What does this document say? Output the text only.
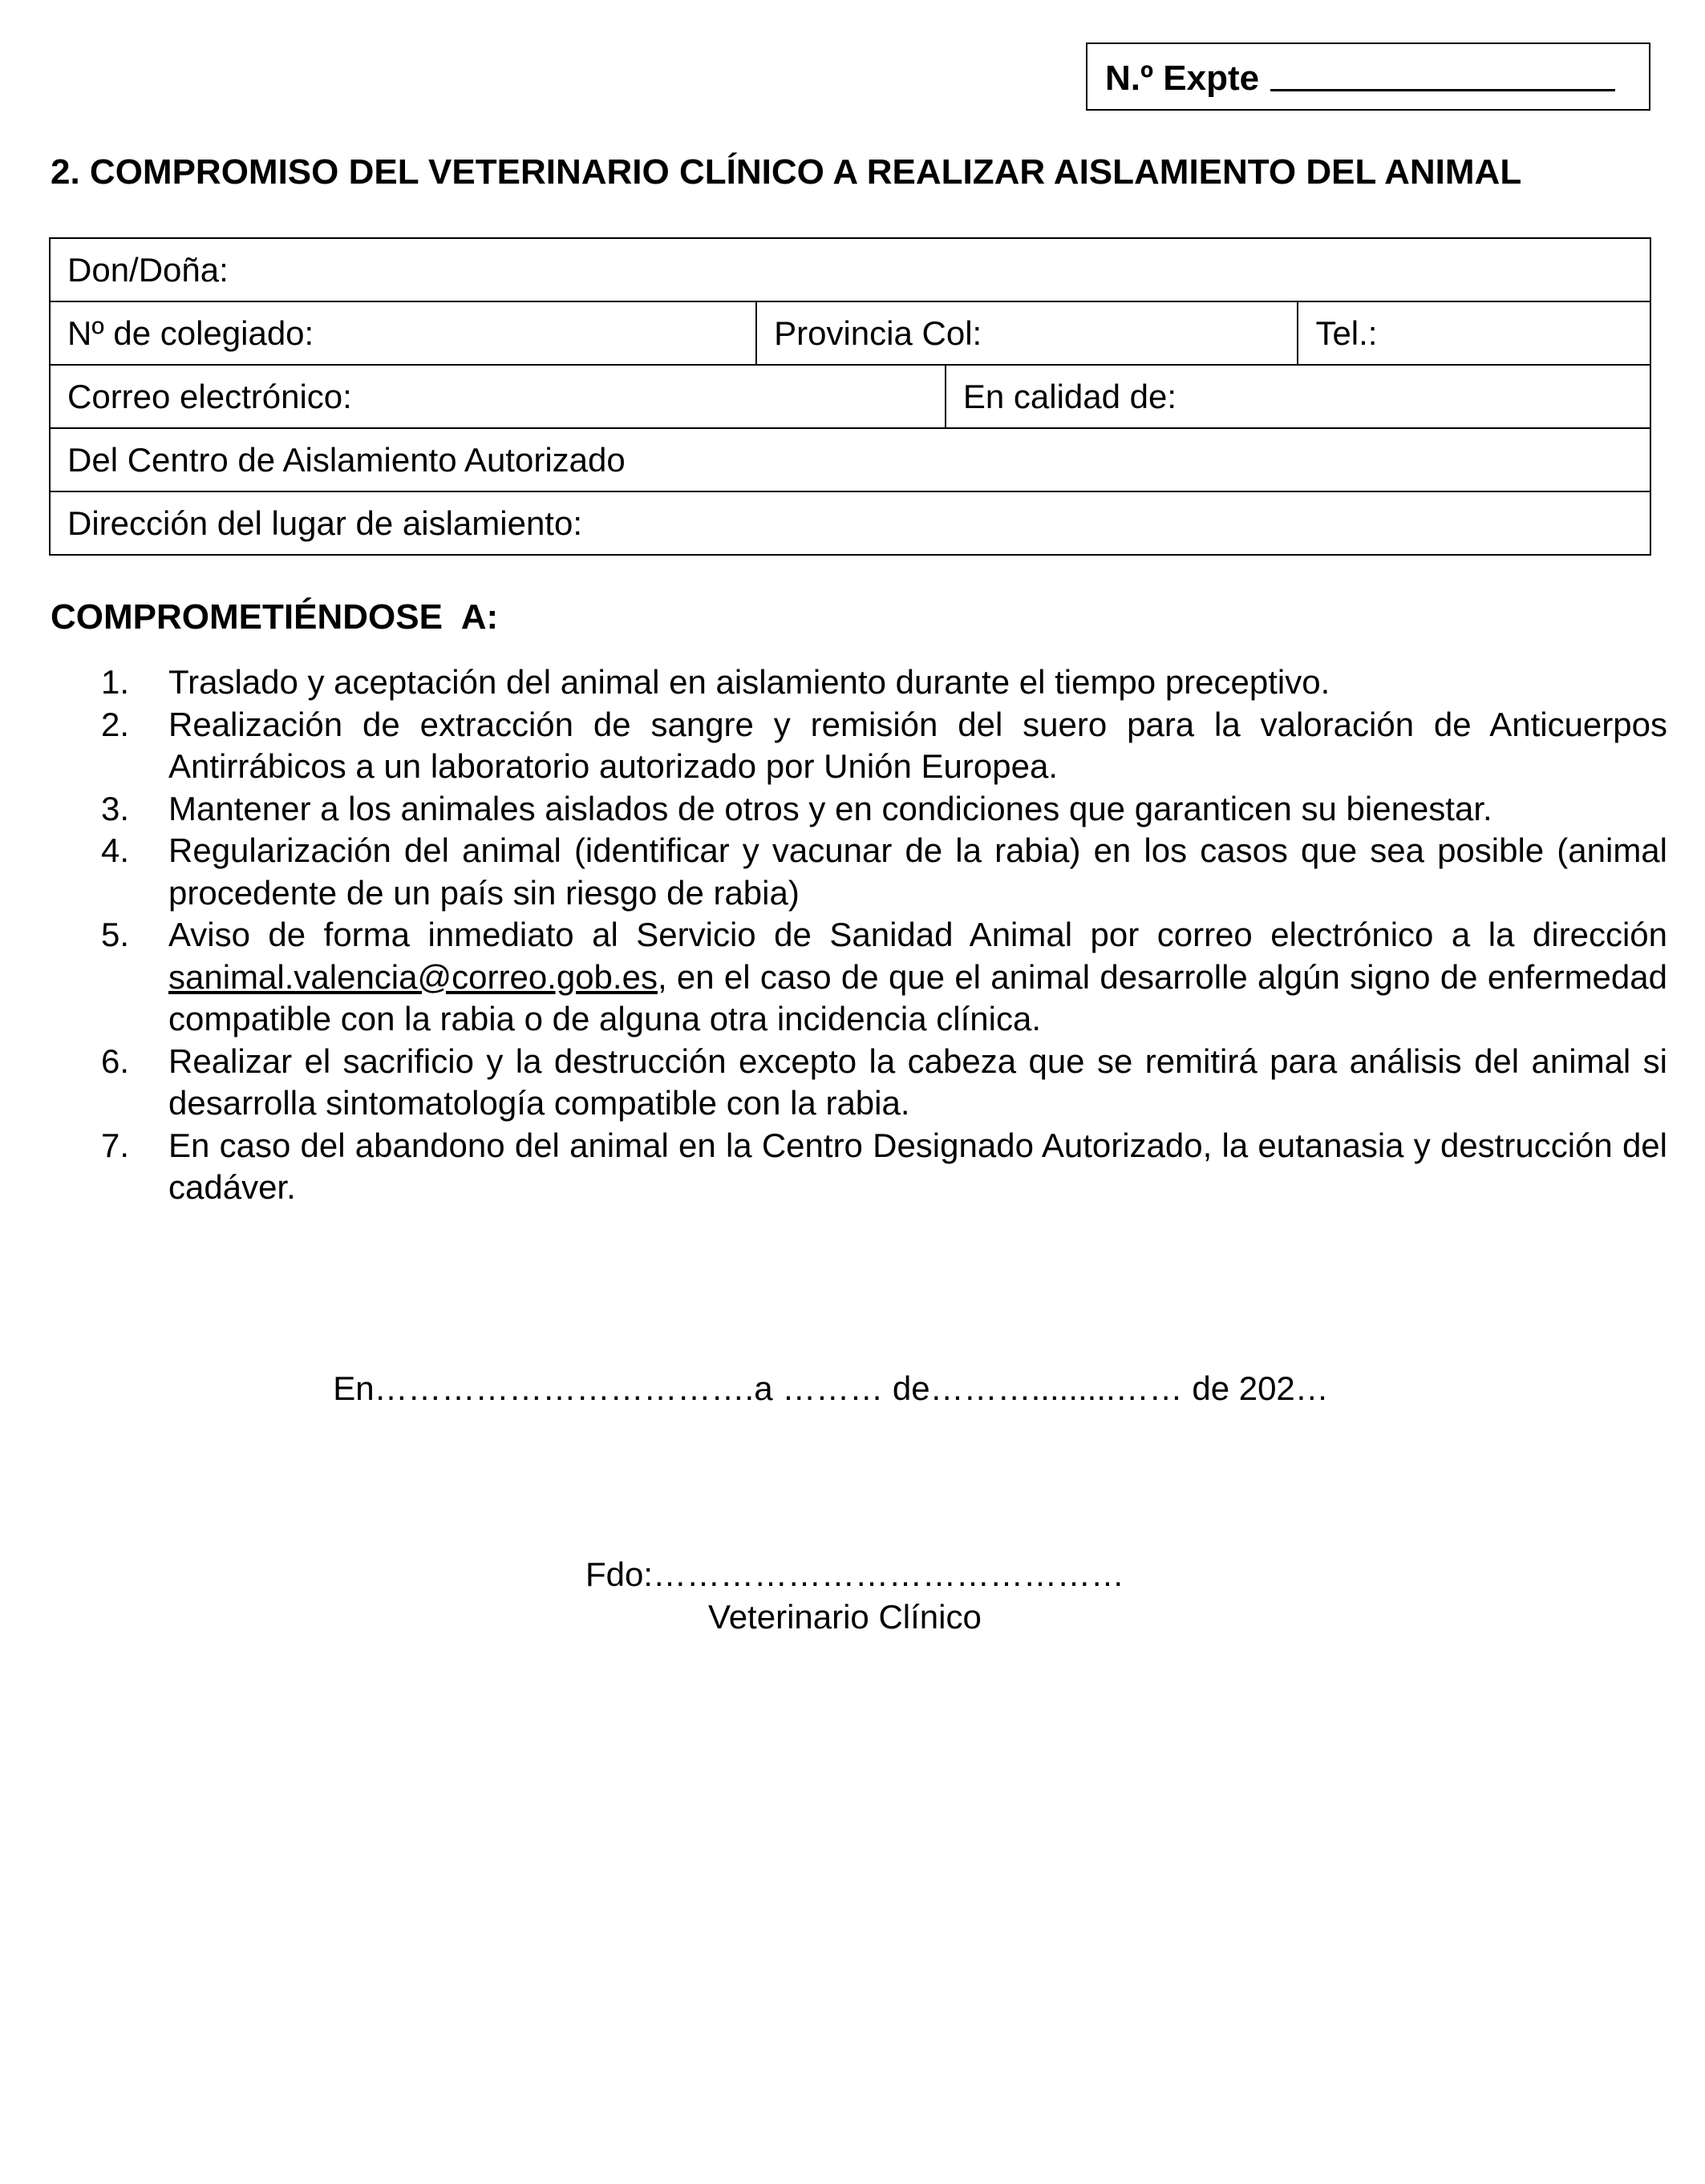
N.º Expte
2. COMPROMISO DEL VETERINARIO CLÍNICO A REALIZAR AISLAMIENTO DEL ANIMAL
Don/Doña:
Nº de colegiado:	Provincia Col:	Tel.:
Correo electrónico:	En calidad de:
Del Centro de Aislamiento Autorizado
Dirección del lugar de aislamiento:
COMPROMETIÉNDOSE  A:
1.	Traslado y aceptación del animal en aislamiento durante el tiempo preceptivo.
2.	Realización de extracción de sangre y remisión del suero para la valoración de Anticuerpos Antirrábicos a un laboratorio autorizado por Unión Europea.
3.	Mantener a los animales aislados de otros y en condiciones que garanticen su bienestar.
4.	Regularización del animal (identificar y vacunar de la rabia) en los casos que sea posible (animal procedente de un país sin riesgo de rabia)
5.	Aviso de forma inmediato al Servicio de Sanidad Animal por correo electrónico a la dirección sanimal.valencia@correo.gob.es, en el caso de que el animal desarrolle algún signo de enfermedad compatible con la rabia o de alguna otra incidencia clínica.
6.	Realizar el sacrificio y la destrucción excepto la cabeza que se remitirá para análisis del animal si desarrolla sintomatología compatible con la rabia.
7.	En caso del abandono del animal en la Centro Designado Autorizado, la eutanasia y destrucción del cadáver.
En…………………………….a ……… de……….........…… de 202…
Fdo:……………………………………
Veterinario Clínico
